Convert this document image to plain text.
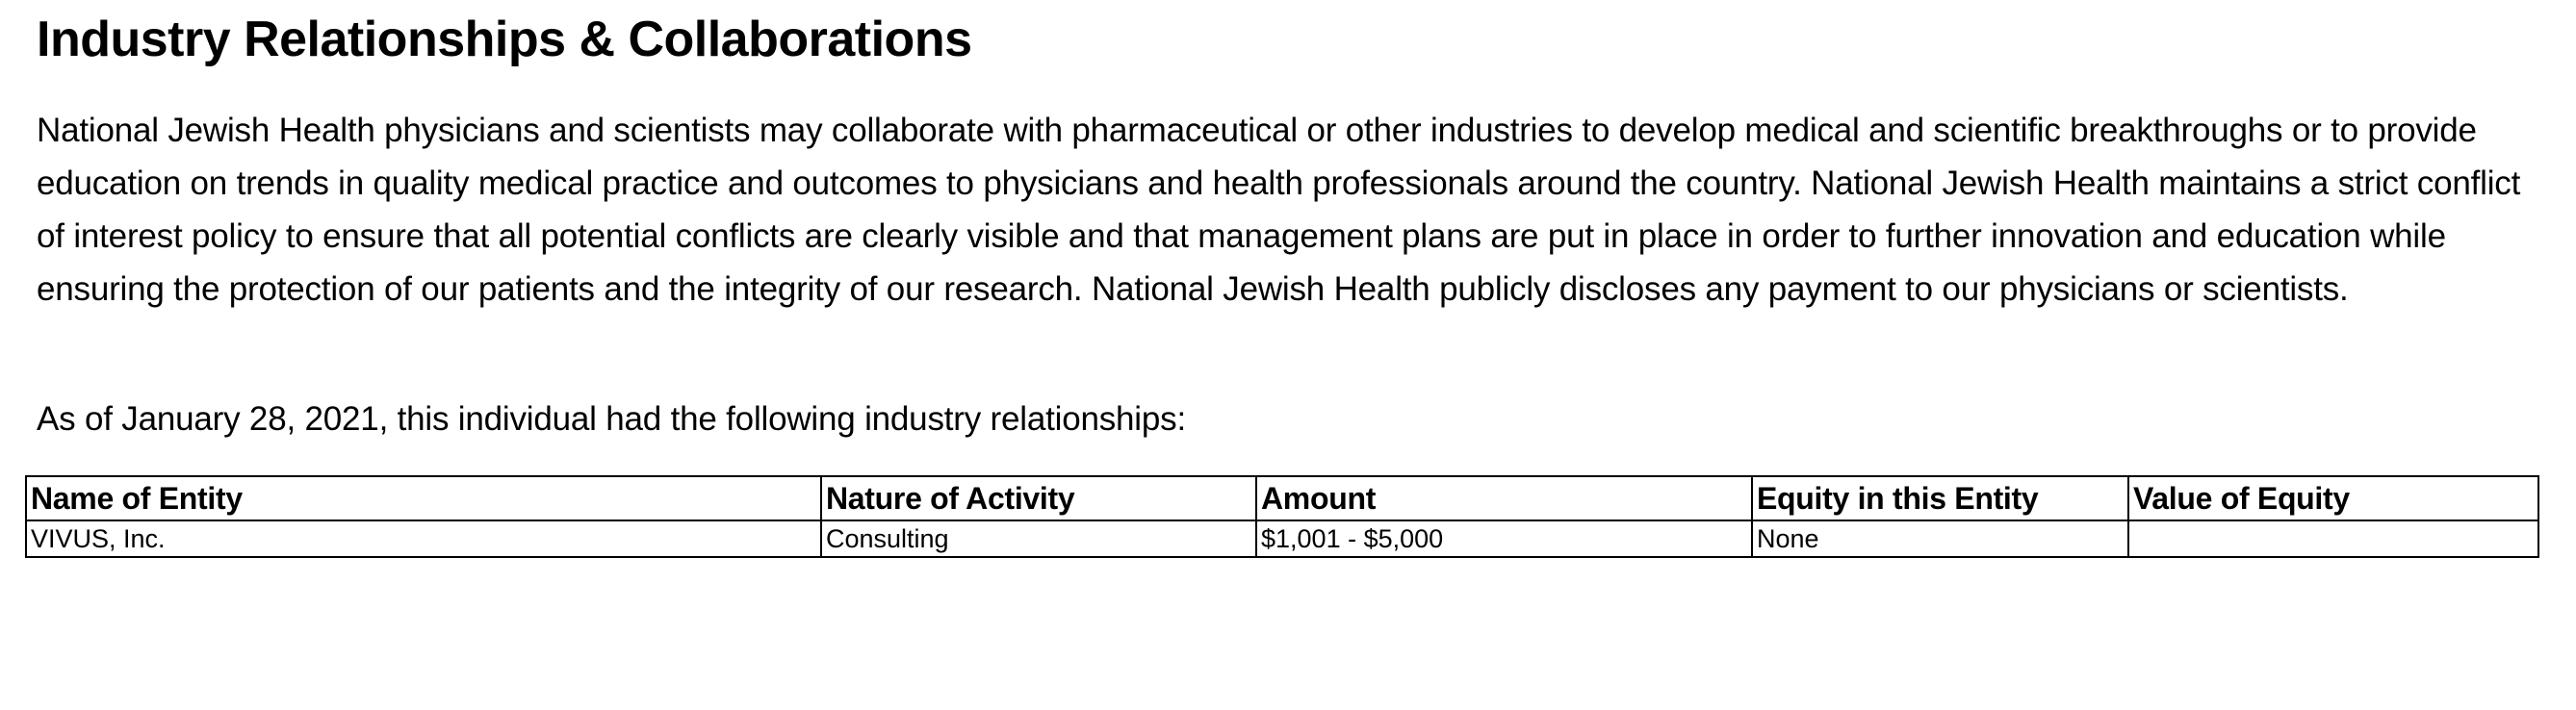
Industry Relationships & Collaborations

National Jewish Health physicians and scientists may collaborate with pharmaceutical or other industries to develop medical and scientific breakthroughs or to provide education on trends in quality medical practice and outcomes to physicians and health professionals around the country. National Jewish Health maintains a strict conflict of interest policy to ensure that all potential conflicts are clearly visible and that management plans are put in place in order to further innovation and education while ensuring the protection of our patients and the integrity of our research. National Jewish Health publicly discloses any payment to our physicians or scientists.

As of January 28, 2021, this individual had the following industry relationships:

Name of Entity	Nature of Activity	Amount	Equity in this Entity	Value of Equity
VIVUS, Inc.	Consulting	$1,001 - $5,000	None	
